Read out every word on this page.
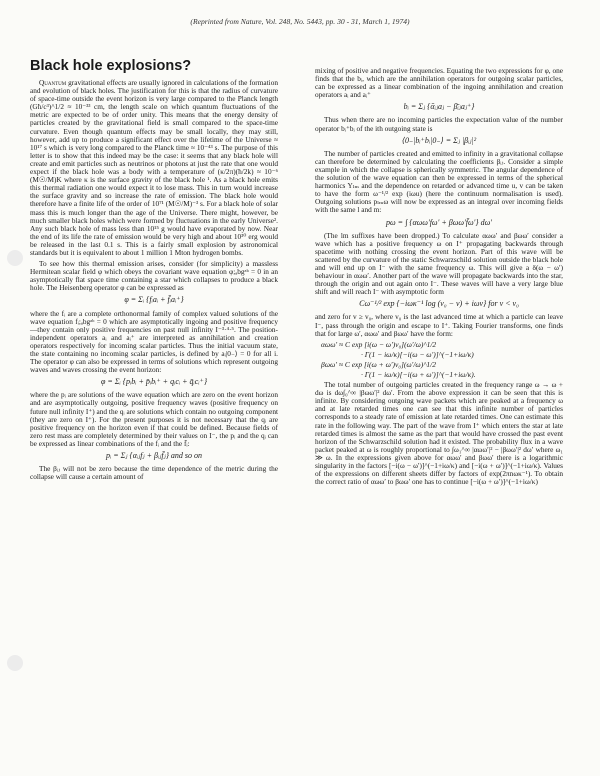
(Reprinted from Nature, Vol. 248, No. 5443, pp. 30 - 31, March 1, 1974)
Black hole explosions?

Quantum gravitational effects are usually ignored in calculations of the formation and evolution of black holes. The justification for this is that the radius of curvature of space-time outside the event horizon is very large compared to the Planck length (Għ/c³)^1/2 ≈ 10⁻³³ cm, the length scale on which quantum fluctuations of the metric are expected to be of order unity. This means that the energy density of particles created by the gravitational field is small compared to the space-time curvature. Even though quantum effects may be small locally, they may still, however, add up to produce a significant effect over the lifetime of the Universe ≈ 10¹⁷ s which is very long compared to the Planck time ≈ 10⁻⁴³ s. The purpose of this letter is to show that this indeed may be the case: it seems that any black hole will create and emit particles such as neutrinos or photons at just the rate that one would expect if the black hole was a body with a temperature of (κ/2π)(ħ/2k) ≈ 10⁻⁶ (M☉/M)K where κ is the surface gravity of the black hole ¹. As a black hole emits this thermal radiation one would expect it to lose mass. This in turn would increase the surface gravity and so increase the rate of emission. The black hole would therefore have a finite life of the order of 10⁷¹ (M☉/M)⁻³ s. For a black hole of solar mass this is much longer than the age of the Universe. There might, however, be much smaller black holes which were formed by fluctuations in the early Universe². Any such black hole of mass less than 10¹⁵ g would have evaporated by now. Near the end of its life the rate of emission would be very high and about 10³⁰ erg would be released in the last 0.1 s. This is a fairly small explosion by astronomical standards but it is equivalent to about 1 million 1 Mton hydrogen bombs.

To see how this thermal emission arises, consider (for simplicity) a massless Hermitean scalar field φ which obeys the covariant wave equation φ;ₐbgᵃᵇ = 0 in an asymptotically flat space time containing a star which collapses to produce a black hole. The Heisenberg operator φ can be expressed as

φ = Σᵢ {fᵢaᵢ + f̄ᵢaᵢ⁺}

where the fᵢ are a complete orthonormal family of complex valued solutions of the wave equation fᵢ;ₐbgᵃᵇ = 0 which are asymptotically ingoing and positive frequency—they contain only positive frequencies on past null infinity I⁻³·⁴·⁵. The position-independent operators aᵢ and aᵢ⁺ are interpreted as annihilation and creation operators respectively for incoming scalar particles. Thus the initial vacuum state, the state containing no incoming scalar particles, is defined by aᵢ|0₋⟩ = 0 for all i. The operator φ can also be expressed in terms of solutions which represent outgoing waves and waves crossing the event horizon:

φ = Σᵢ {pᵢbᵢ + p̄ᵢbᵢ⁺ + qᵢcᵢ + q̄ᵢcᵢ⁺}

where the pᵢ are solutions of the wave equation which are zero on the event horizon and are asymptotically outgoing, positive frequency waves (positive frequency on future null infinity I⁺) and the qᵢ are solutions which contain no outgoing component (they are zero on I⁺). For the present purposes it is not necessary that the qᵢ are positive frequency on the horizon even if that could be defined. Because fields of zero rest mass are completely determined by their values on I⁻, the pᵢ and the qᵢ can be expressed as linear combinations of the fᵢ and the f̄ᵢ:

pᵢ = Σⱼ {αᵢⱼfⱼ + βᵢⱼf̄ⱼ} and so on

The βᵢⱼ will not be zero because the time dependence of the metric during the collapse will cause a certain amount of

mixing of positive and negative frequencies. Equating the two expressions for φ, one finds that the bᵢ, which are the annihilation operators for outgoing scalar particles, can be expressed as a linear combination of the ingoing annihilation and creation operators aᵢ and aᵢ⁺

bᵢ = Σⱼ {ᾱᵢⱼaⱼ − β̄ᵢⱼaⱼ⁺}

Thus when there are no incoming particles the expectation value of the number operator bᵢ⁺bᵢ of the ith outgoing state is

⟨0₋|bᵢ⁺bᵢ|0₋⟩ = Σⱼ |βᵢⱼ|²

The number of particles created and emitted to infinity in a gravitational collapse can therefore be determined by calculating the coefficients βᵢⱼ. Consider a simple example in which the collapse is spherically symmetric. The angular dependence of the solution of the wave equation can then be expressed in terms of the spherical harmonics Yₗₘ and the dependence on retarded or advanced time u, v can be taken to have the form ω⁻¹/² exp (iωu) (here the continuum normalisation is used). Outgoing solutions pₗₘω will now be expressed as an integral over incoming fields with the same l and m:

pω = ∫ {αωω′fω′ + βωω′f̄ω′} dω′

(The lm suffixes have been dropped.) To calculate αωω′ and βωω′ consider a wave which has a positive frequency ω on I⁺ propagating backwards through spacetime with nothing crossing the event horizon. Part of this wave will be scattered by the curvature of the static Schwarzschild solution outside the black hole and will end up on I⁻ with the same frequency ω. This will give a δ(ω − ω′) behaviour in αωω′. Another part of the wave will propagate backwards into the star, through the origin and out again onto I⁻. These waves will have a very large blue shift and will reach I⁻ with asymptotic form

Cω⁻¹/² exp {−iωκ⁻¹ log (v₀ − v) + iωv} for v < v₀

and zero for v ≥ v₀, where v₀ is the last advanced time at which a particle can leave I⁻, pass through the origin and escape to I⁺. Taking Fourier transforms, one finds that for large ω′, αωω′ and βωω′ have the form:

αωω′ ≈ C exp [i(ω − ω′)v₀](ω′/ω)^1/2
· Γ(1 − iω/κ)[−i(ω − ω′)]^(−1+iω/κ)
βωω′ ≈ C exp [i(ω + ω′)v₀](ω′/ω)^1/2
· Γ(1 − iω/κ)[−i(ω + ω′)]^(−1+iω/κ).

The total number of outgoing particles created in the frequency range ω → ω + dω is dω∫₀^∞ |βωω′|² dω′. From the above expression it can be seen that this is infinite. By considering outgoing wave packets which are peaked at a frequency ω and at late retarded times one can see that this infinite number of particles corresponds to a steady rate of emission at late retarded times. One can estimate this rate in the following way. The part of the wave from I⁺ which enters the star at late retarded times is almost the same as the part that would have crossed the past event horizon of the Schwarzschild solution had it existed. The probability flux in a wave packet peaked at ω is roughly proportional to ∫ω₁^∞ |αωω′|² − |βωω′|² dω′ where ω₁ ≫ ω. In the expressions given above for αωω′ and βωω′ there is a logarithmic singularity in the factors [−i(ω − ω′)]^(−1+iω/κ) and [−i(ω + ω′)]^(−1+iω/κ). Values of the expressions on different sheets differ by factors of exp(2πnωκ⁻¹). To obtain the correct ratio of αωω′ to βωω′ one has to continue [−i(ω + ω′)]^(−1+iω/κ)
